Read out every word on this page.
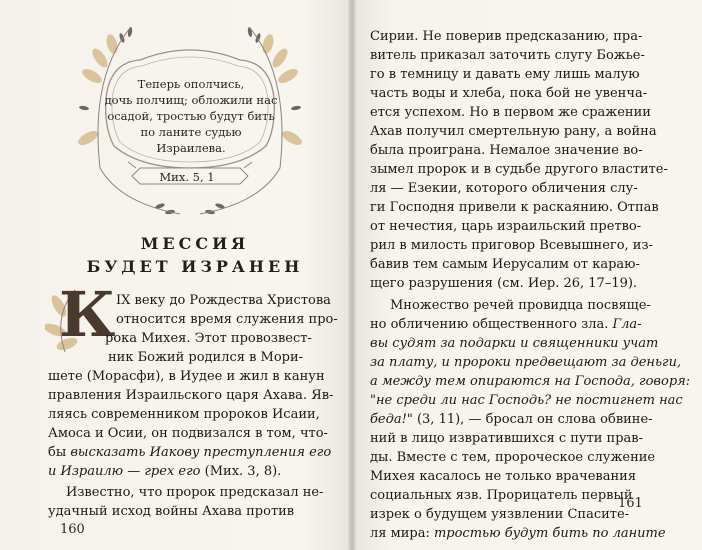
Теперь ополчись,
дочь полчищ; обложили нас
осадой, тростью будут бить
по ланите судью
Израилева.
Мих. 5, 1
МЕССИЯ
БУДЕТ ИЗРАНЕН
К IX веку до Рождества Христова
относится время служения про-
рока Михея. Этот провозвест-
ник Божий родился в Мори-
шете (Морасфи), в Иудее и жил в канун
правления Израильского царя Ахава. Яв-
ляясь современником пророков Исаии,
Амоса и Осии, он подвизался в том, что-
бы высказать Иакову преступления его
и Израилю — грех его (Мих. 3, 8).
Известно, что пророк предсказал не-
удачный исход войны Ахава против
160
Сирии. Не поверив предсказанию, пра-
витель приказал заточить слугу Божье-
го в темницу и давать ему лишь малую
часть воды и хлеба, пока бой не увенча-
ется успехом. Но в первом же сражении
Ахав получил смертельную рану, а война
была проиграна. Немалое значение во-
зымел пророк и в судьбе другого властите-
ля — Езекии, которого обличения слу-
ги Господня привели к раскаянию. Отпав
от нечестия, царь израильский претво-
рил в милость приговор Всевышнего, из-
бавив тем самым Иерусалим от караю-
щего разрушения (см. Иер. 26, 17–19).
Множество речей провидца посвяще-
но обличению общественного зла. Гла-
вы судят за подарки и священники учат
за плату, и пророки предвещают за деньги,
а между тем опираются на Господа, говоря:
"не среди ли нас Господь? не постигнет нас
беда!" (3, 11), — бросал он слова обвине-
ний в лицо извратившихся с пути прав-
ды. Вместе с тем, пророческое служение
Михея касалось не только врачевания
социальных язв. Прорицатель первый
изрек о будущем уязвлении Спасите-
ля мира: тростью будут бить по ланите
161
